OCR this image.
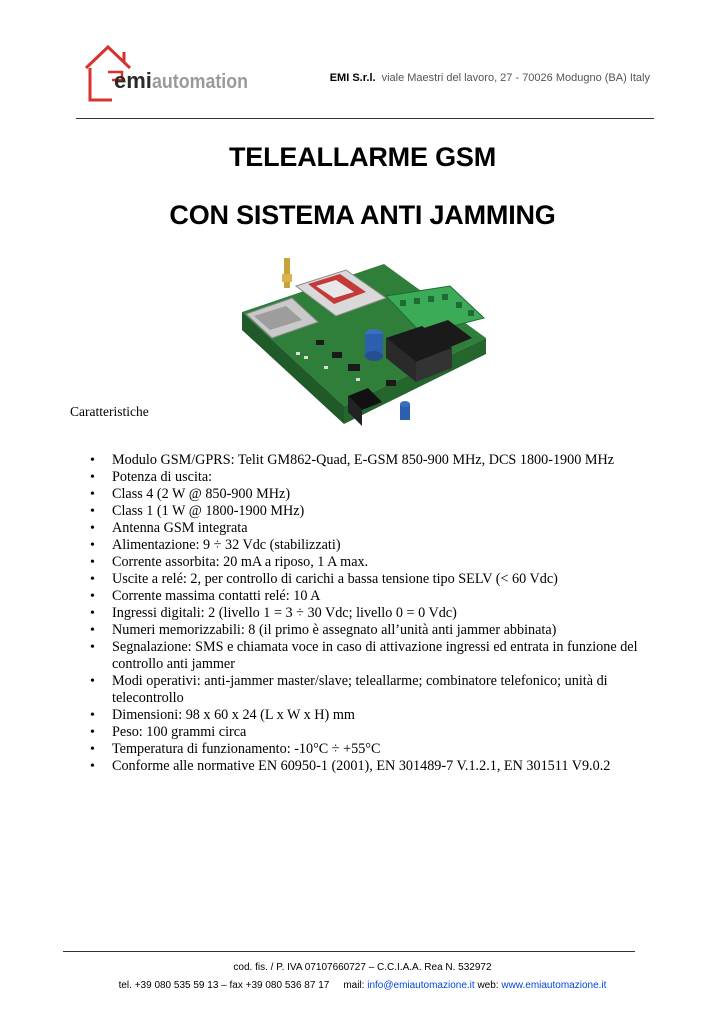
emi automation	EMI S.r.l. viale Maestri del lavoro, 27 - 70026 Modugno (BA) Italy
TELEALLARME GSM
CON SISTEMA ANTI JAMMING
Caratteristiche
• Modulo GSM/GPRS: Telit GM862-Quad, E-GSM 850-900 MHz, DCS 1800-1900 MHz
• Potenza di uscita:
• Class 4 (2 W @ 850-900 MHz)
• Class 1 (1 W @ 1800-1900 MHz)
• Antenna GSM integrata
• Alimentazione: 9 ÷ 32 Vdc (stabilizzati)
• Corrente assorbita: 20 mA a riposo, 1 A max.
• Uscite a relé: 2, per controllo di carichi a bassa tensione tipo SELV (< 60 Vdc)
• Corrente massima contatti relé: 10 A
• Ingressi digitali: 2 (livello 1 = 3 ÷ 30 Vdc; livello 0 = 0 Vdc)
• Numeri memorizzabili: 8 (il primo è assegnato all’unità anti jammer abbinata)
• Segnalazione: SMS e chiamata voce in caso di attivazione ingressi ed entrata in funzione del controllo anti jammer
• Modi operativi: anti-jammer master/slave; teleallarme; combinatore telefonico; unità di telecontrollo
• Dimensioni: 98 x 60 x 24 (L x W x H) mm
• Peso: 100 grammi circa
• Temperatura di funzionamento: -10°C ÷ +55°C
• Conforme alle normative EN 60950-1 (2001), EN 301489-7 V.1.2.1, EN 301511 V9.0.2
cod. fis. / P. IVA 07107660727 – C.C.I.A.A. Rea N. 532972
tel. +39 080 535 59 13 – fax +39 080 536 87 17 mail: info@emiautomazione.it web: www.emiautomazione.it
